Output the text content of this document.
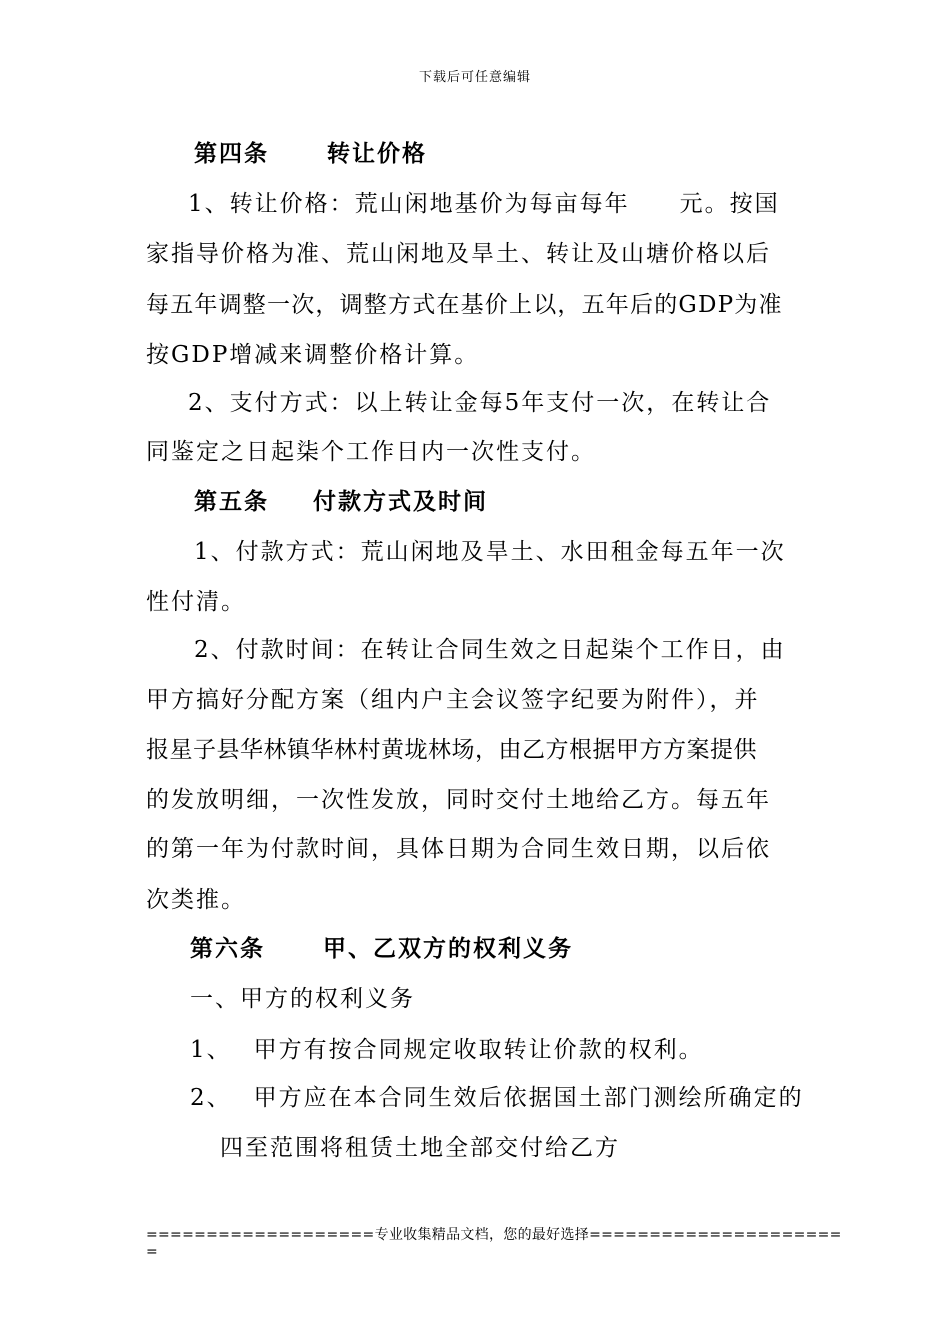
下载后可任意编辑
第四条	转让价格
1、转让价格：荒山闲地基价为每亩每年 元。按国
家指导价格为准、荒山闲地及旱土、转让及山塘价格以后
每五年调整一次，调整方式在基价上以，五年后的GDP为准
按GDP增减来调整价格计算。
2、支付方式：以上转让金每5年支付一次，在转让合
同鉴定之日起柒个工作日内一次性支付。
第五条 付款方式及时间
1、付款方式：荒山闲地及旱土、水田租金每五年一次
性付清。
2、付款时间：在转让合同生效之日起柒个工作日，由
甲方搞好分配方案（组内户主会议签字纪要为附件），并
报星子县华林镇华林村黄垅林场，由乙方根据甲方方案提供
的发放明细，一次性发放，同时交付土地给乙方。每五年
的第一年为付款时间，具体日期为合同生效日期，以后依
次类推。
第六条	甲、乙双方的权利义务
一、甲方的权利义务
1、 甲方有按合同规定收取转让价款的权利。
2、 甲方应在本合同生效后依据国土部门测绘所确定的
四至范围将租赁土地全部交付给乙方
===================专业收集精品文档，您的最好选择=====================
=
